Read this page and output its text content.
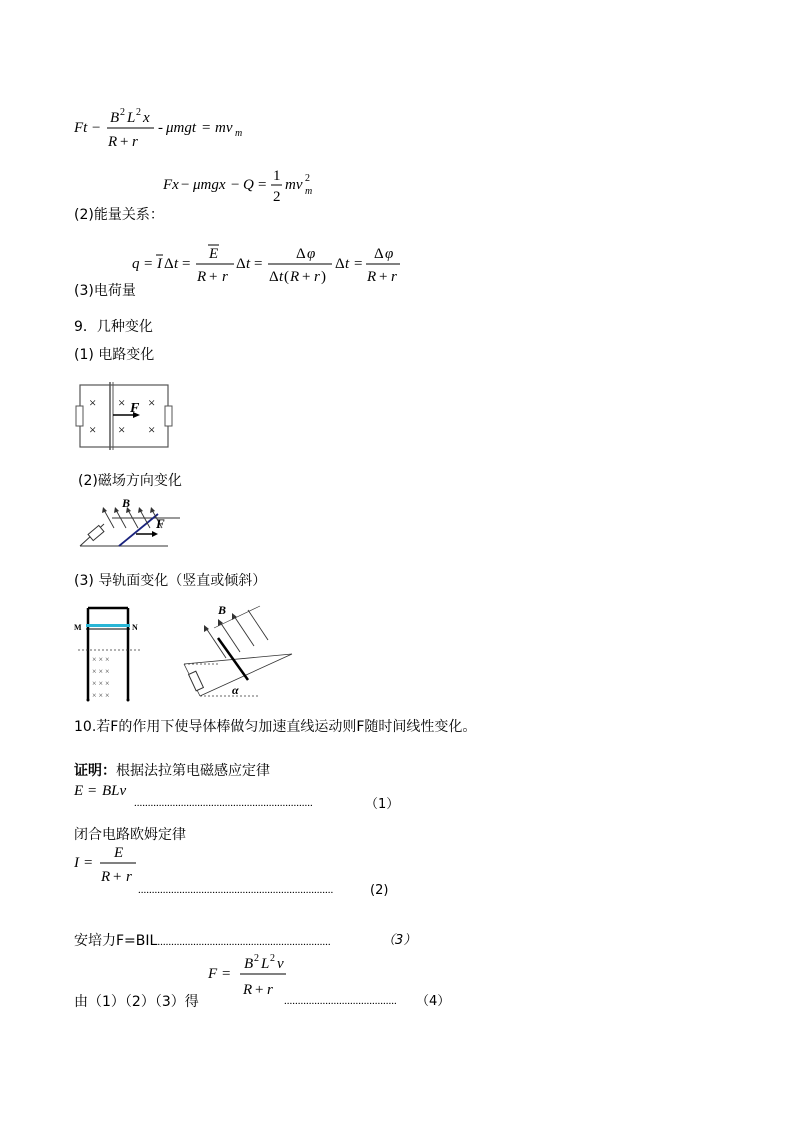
Ft −
B 2 L 2 x
R + r
- μmgt = mv m
Fx − μmgx − Q =
1
2
mv 2
m
(2)能量关系：
q = I Δ t =
E
R + r
Δ t =
Δ φ
Δ t ( R + r )
Δ t =
Δ φ
R + r
(3)电荷量
9．几种变化
(1) 电路变化
× × ×
× × ×
F
(2)磁场方向变化
B
F
(3) 导轨面变化（竖直或倾斜）
M	N
× × ×
× × ×
× × ×
× × ×
B
α
10.若F的作用下使导体棒做匀加速直线运动则F随时间线性变化。
证明：根据法拉第电磁感应定律
E = BLv
.................................................................	（1）
闭合电路欧姆定律
I =
E
R + r
.......................................................................	(2)
安培力F=BIL...............................................................	（3）
F =
B 2 L 2 v
R + r
由（1）（2）（3）得	......................................... （4）
